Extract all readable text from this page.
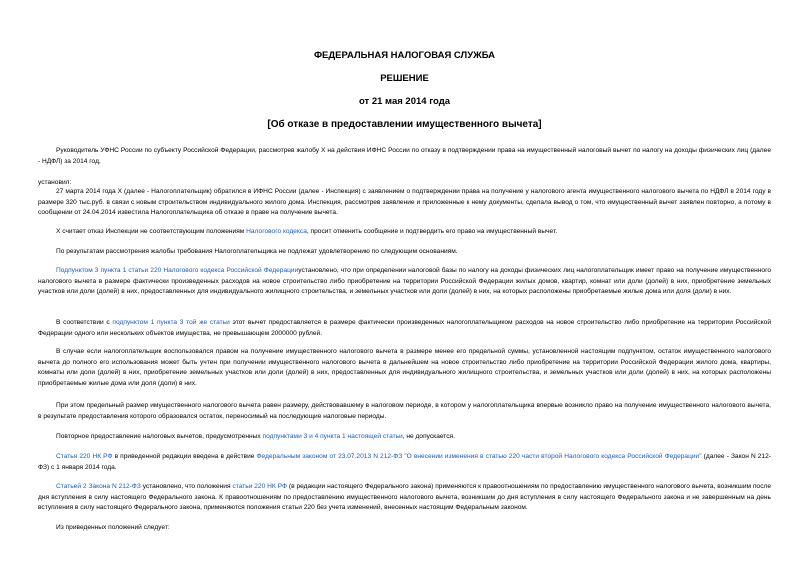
ФЕДЕРАЛЬНАЯ НАЛОГОВАЯ СЛУЖБА
РЕШЕНИЕ
от 21 мая 2014 года
[Об отказе в предоставлении имущественного вычета]
Руководитель УФНС России по субъекту Российской Федерации, рассмотрев жалобу Х на действия ИФНС России по отказу в подтверждении права на имущественный налоговый вычет по налогу на доходы физических лиц (далее - НДФЛ) за 2014 год,
установил:
27 марта 2014 года Х (далее - Налогоплательщик) обратился в ИФНС России (далее - Инспекция) с заявлением о подтверждении права на получение у налогового агента имущественного налогового вычета по НДФЛ в 2014 году в размере 320 тыс.руб. в связи с новым строительством индивидуального жилого дома. Инспекция, рассмотрев заявление и приложенные к нему документы, сделала вывод о том, что имущественный вычет заявлен повторно, а потому в сообщении от 24.04.2014 известила Налогоплательщика об отказе в праве на получение вычета.
Х считает отказ Инспекции не соответствующим положениям Налогового кодекса, просит отменить сообщение и подтвердить его право на имущественный вычет.
По результатам рассмотрения жалобы требования Налогоплательщика не подлежат удовлетворению по следующим основаниям.
Подпунктом 3 пункта 1 статьи 220 Налогового кодекса Российской Федерацииустановлено, что при определении налоговой базы по налогу на доходы физических лиц налогоплательщик имеет право на получение имущественного налогового вычета в размере фактически произведенных расходов на новое строительство либо приобретение на территории Российской Федерации жилых домов, квартир, комнат или доли (долей) в них, приобретение земельных участков или доли (долей) в них, предоставленных для индивидуального жилищного строительства, и земельных участков или доли (долей) в них, на которых расположены приобретаемые жилые дома или доля (доли) в них.
В соответствии с подпунктом 1 пункта 3 той же статьи этот вычет предоставляется в размере фактически произведенных налогоплательщиком расходов на новое строительство либо приобретение на территории Российской Федерации одного или нескольких объектов имущества, не превышающем 2000000 рублей.
В случае если налогоплательщик воспользовался правом на получение имущественного налогового вычета в размере менее его предельной суммы, установленной настоящим подпунктом, остаток имущественного налогового вычета до полного его использования может быть учтен при получении имущественного налогового вычета в дальнейшем на новое строительство либо приобретение на территории Российской Федерации жилого дома, квартиры, комнаты или доли (долей) в них, приобретение земельных участков или доли (долей) в них, предоставленных для индивидуального жилищного строительства, и земельных участков или доли (долей) в них, на которых расположены приобретаемые жилые дома или доля (доли) в них.
При этом предельный размер имущественного налогового вычета равен размеру, действовавшему в налоговом периоде, в котором у налогоплательщика впервые возникло право на получение имущественного налогового вычета, в результате предоставления которого образовался остаток, переносимый на последующие налоговые периоды.
Повторное предоставление налоговых вычетов, предусмотренных подпунктами 3 и 4 пункта 1 настоящей статьи, не допускается.
Статья 220 НК РФ в приведенной редакции введена в действие Федеральным законом от 23.07.2013 N 212-ФЗ "О внесении изменения в статью 220 части второй Налогового кодекса Российской Федерации" (далее - Закон N 212-ФЗ) с 1 января 2014 года.
Статьей 2 Закона N 212-ФЗ установлено, что положения статьи 220 НК РФ (в редакции настоящего Федерального закона) применяются к правоотношениям по предоставлению имущественного налогового вычета, возникшим после дня вступления в силу настоящего Федерального закона. К правоотношениям по предоставлению имущественного налогового вычета, возникшим до дня вступления в силу настоящего Федерального закона и не завершенным на день вступления в силу настоящего Федерального закона, применяются положения статьи 220 без учета изменений, внесенных настоящим Федеральным законом.
Из приведенных положений следует:
